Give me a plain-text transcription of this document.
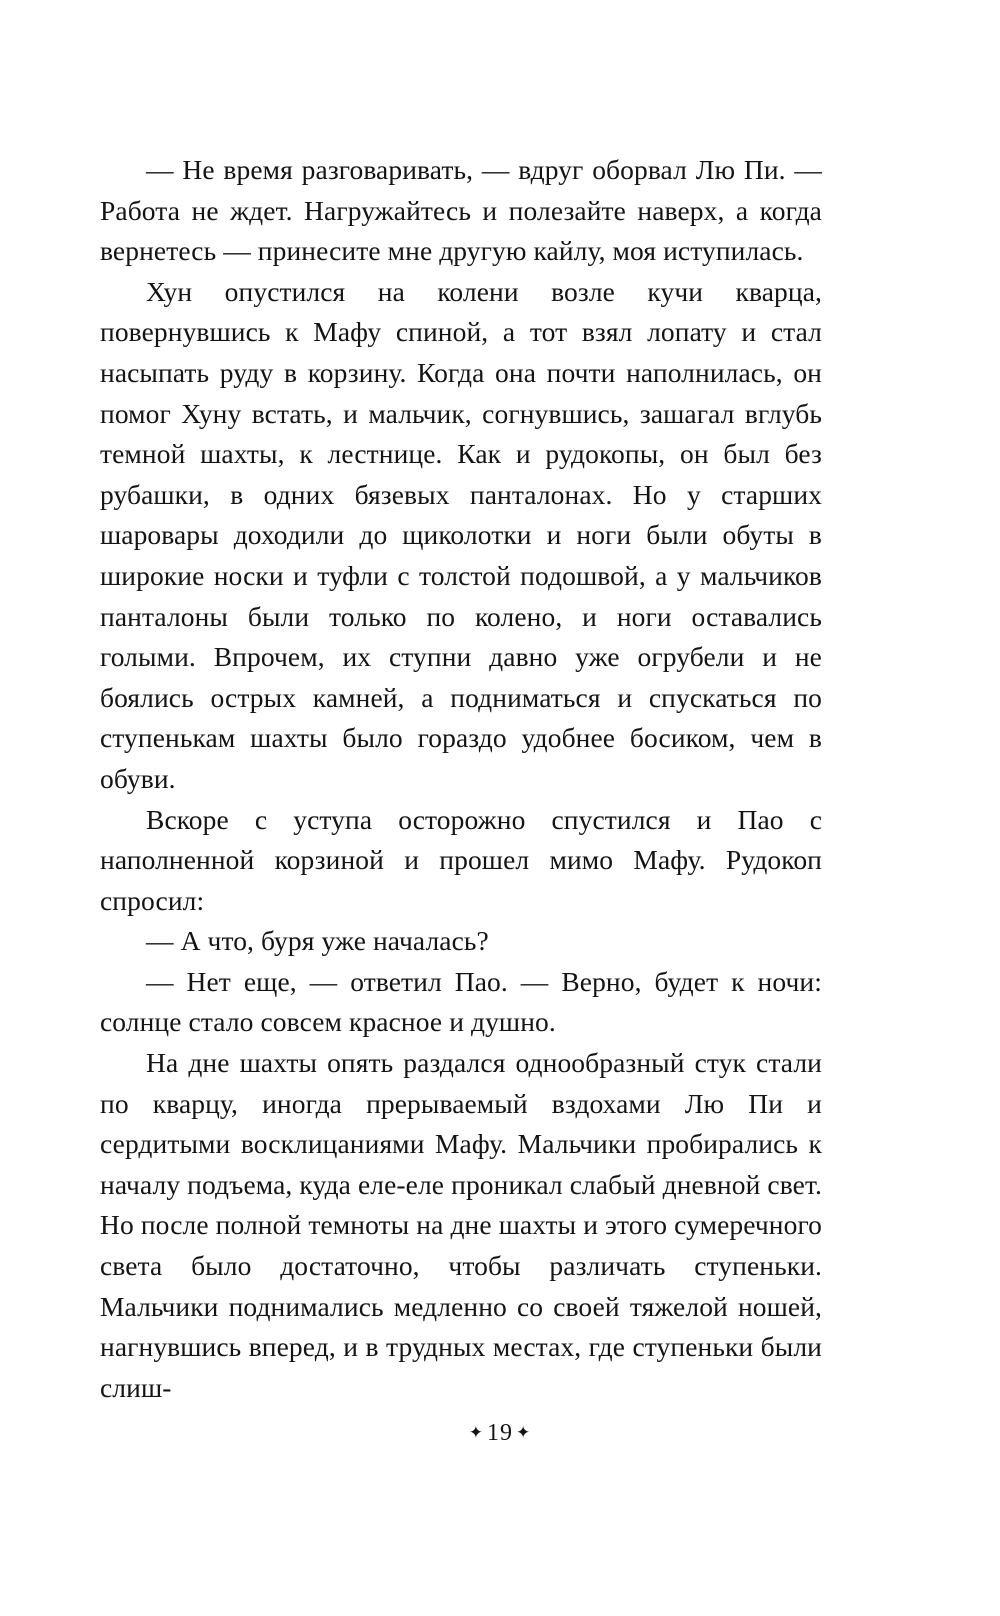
— Не время разговаривать, — вдруг оборвал Лю Пи. — Работа не ждет. Нагружайтесь и полезайте наверх, а когда вернетесь — принесите мне другую кайлу, моя иступилась.

Хун опустился на колени возле кучи кварца, повернувшись к Мафу спиной, а тот взял лопату и стал насыпать руду в корзину. Когда она почти наполнилась, он помог Хуну встать, и мальчик, согнувшись, зашагал вглубь темной шахты, к лестнице. Как и рудокопы, он был без рубашки, в одних бязевых панталонах. Но у старших шаровары доходили до щиколотки и ноги были обуты в широкие носки и туфли с толстой подошвой, а у мальчиков панталоны были только по колено, и ноги оставались голыми. Впрочем, их ступни давно уже огрубели и не боялись острых камней, а подниматься и спускаться по ступенькам шахты было гораздо удобнее босиком, чем в обуви.

Вскоре с уступа осторожно спустился и Пао с наполненной корзиной и прошел мимо Мафу. Рудокоп спросил:

— А что, буря уже началась?

— Нет еще, — ответил Пао. — Верно, будет к ночи: солнце стало совсем красное и душно.

На дне шахты опять раздался однообразный стук стали по кварцу, иногда прерываемый вздохами Лю Пи и сердитыми восклицаниями Мафу. Мальчики пробирались к началу подъема, куда еле-еле проникал слабый дневной свет. Но после полной темноты на дне шахты и этого сумеречного света было достаточно, чтобы различать ступеньки. Мальчики поднимались медленно со своей тяжелой ношей, нагнувшись вперед, и в трудных местах, где ступеньки были слиш-

✦ 19 ✦
